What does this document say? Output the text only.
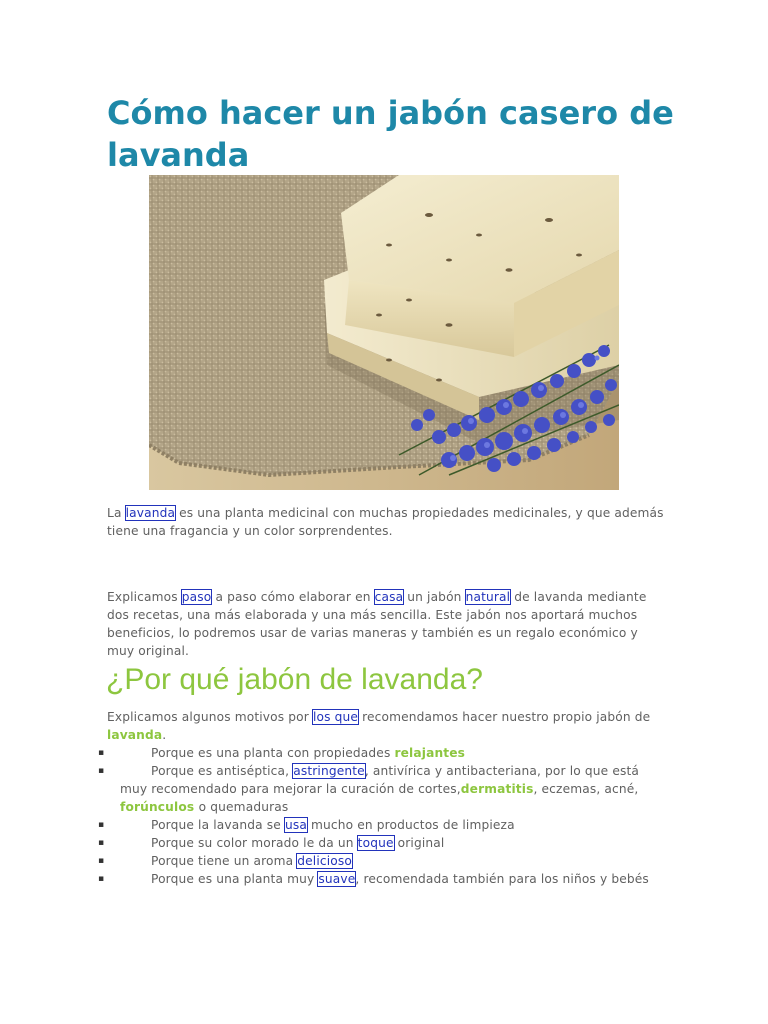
Cómo hacer un jabón casero de lavanda

La lavanda es una planta medicinal con muchas propiedades medicinales, y que además tiene una fragancia y un color sorprendentes.

Explicamos paso a paso cómo elaborar en casa un jabón natural de lavanda mediante dos recetas, una más elaborada y una más sencilla. Este jabón nos aportará muchos beneficios, lo podremos usar de varias maneras y también es un regalo económico y muy original.

¿Por qué jabón de lavanda?

Explicamos algunos motivos por los que recomendamos hacer nuestro propio jabón de lavanda.

▪	Porque es una planta con propiedades relajantes
▪	Porque es antiséptica, astringente, antivírica y antibacteriana, por lo que está muy recomendado para mejorar la curación de cortes,dermatitis, eczemas, acné, forúnculos o quemaduras
▪	Porque la lavanda se usa mucho en productos de limpieza
▪	Porque su color morado le da un toque original
▪	Porque tiene un aroma delicioso
▪	Porque es una planta muy suave, recomendada también para los niños y bebés
